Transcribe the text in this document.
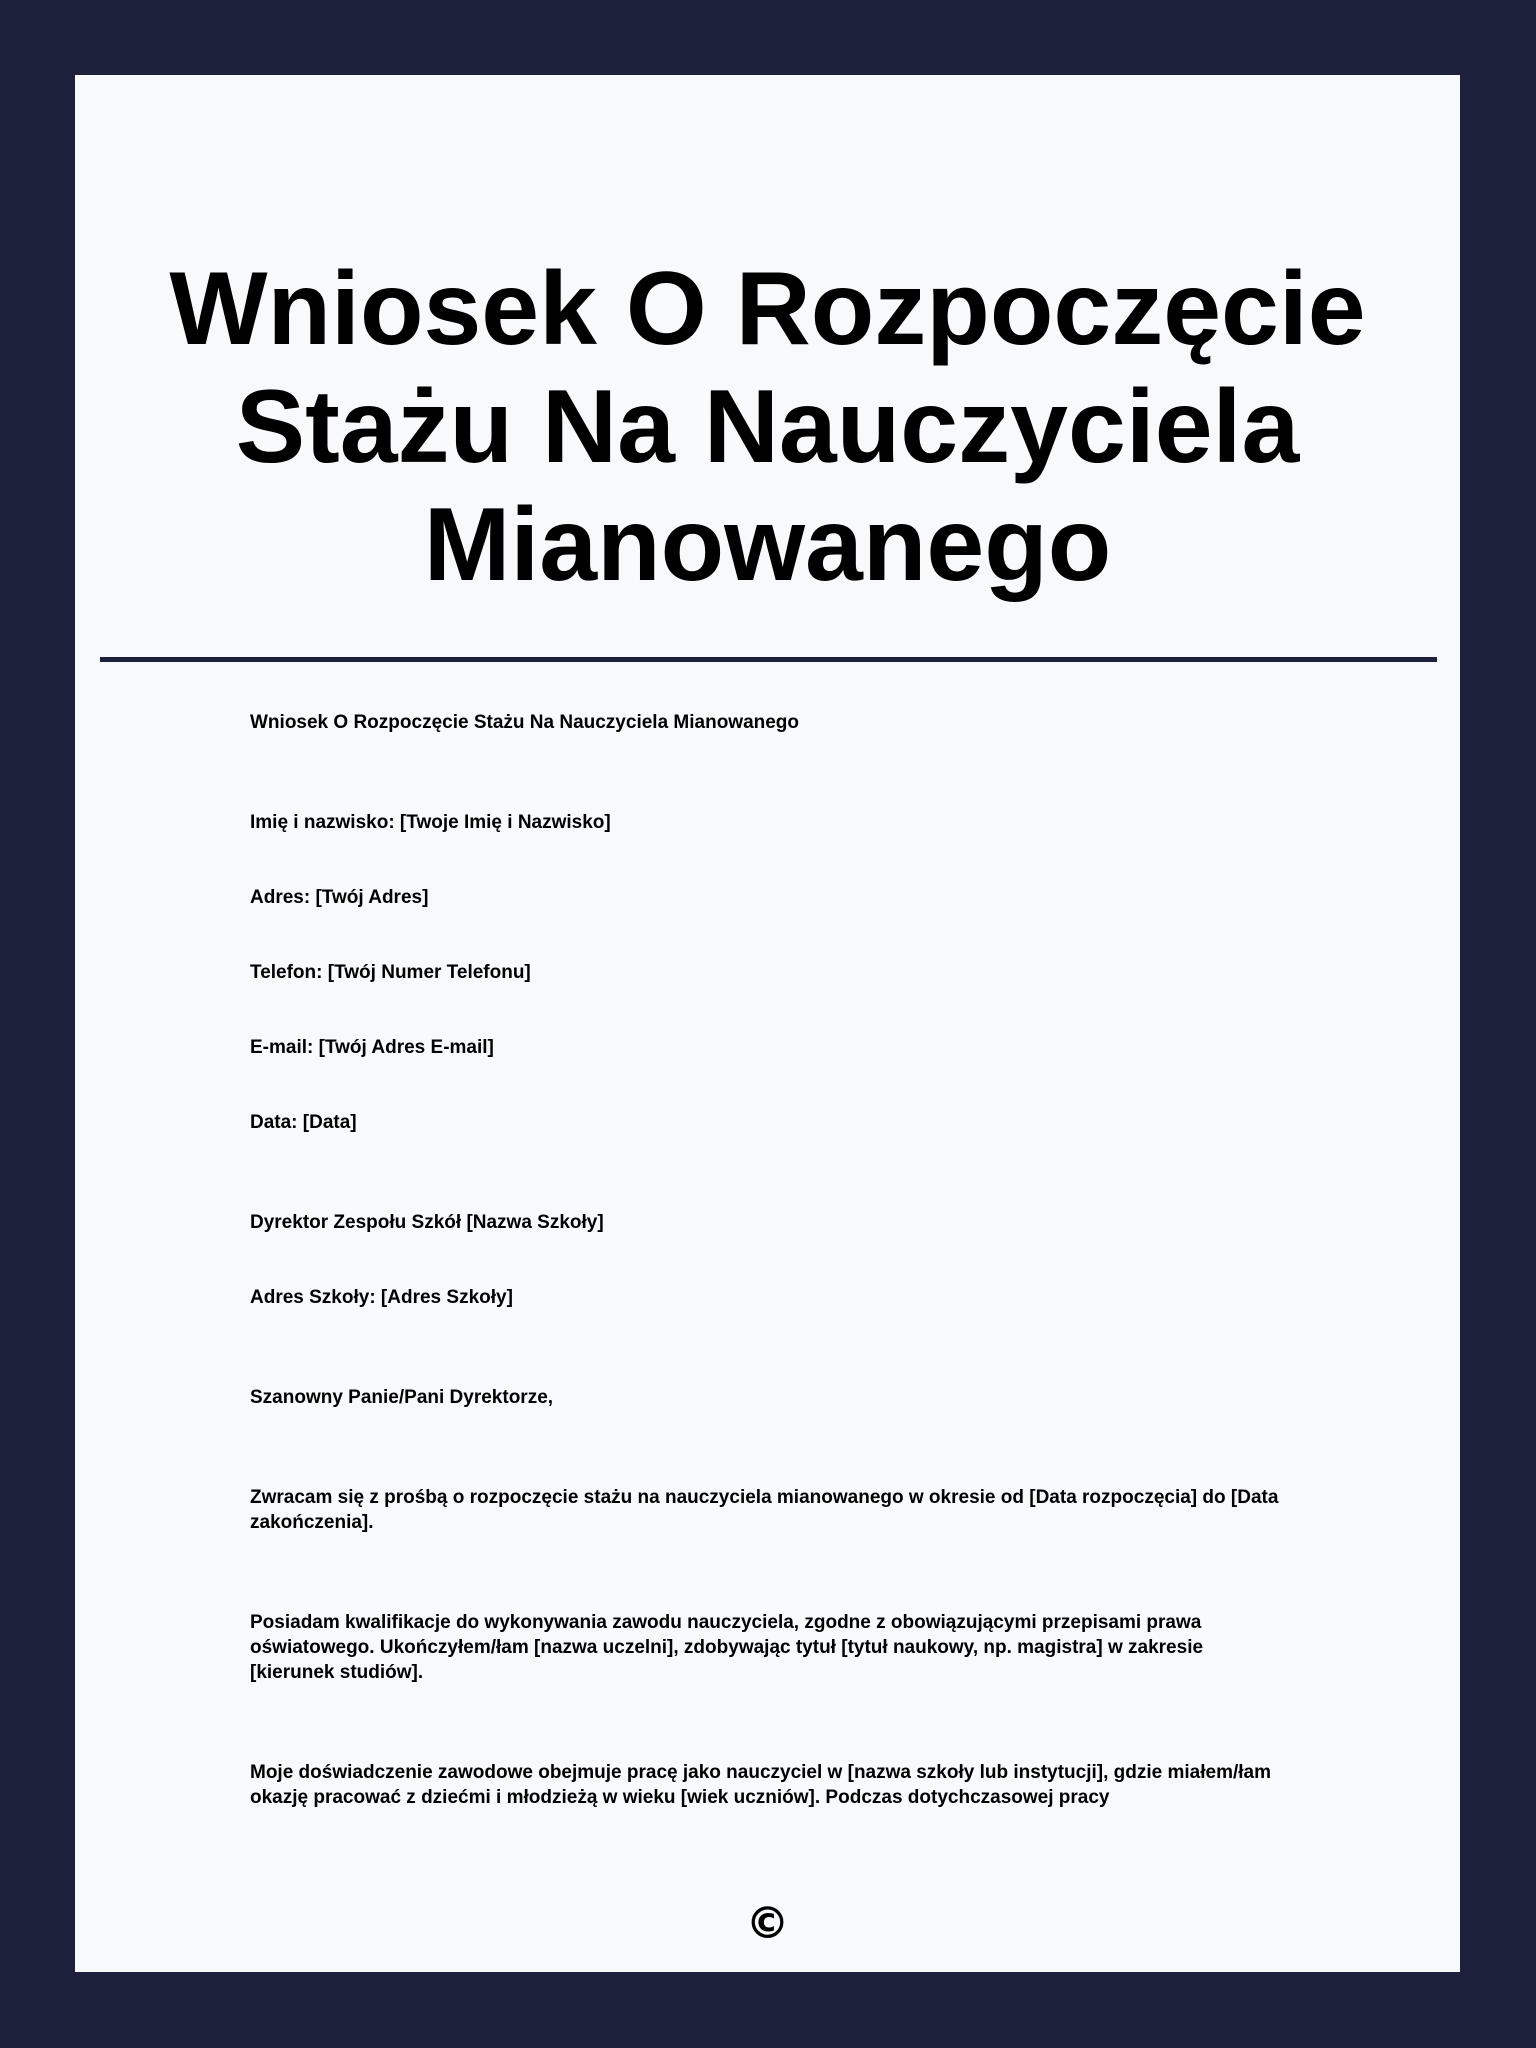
Wniosek O Rozpoczęcie Stażu Na Nauczyciela Mianowanego

Wniosek O Rozpoczęcie Stażu Na Nauczyciela Mianowanego

Imię i nazwisko: [Twoje Imię i Nazwisko]

Adres: [Twój Adres]

Telefon: [Twój Numer Telefonu]

E-mail: [Twój Adres E-mail]

Data: [Data]

Dyrektor Zespołu Szkół [Nazwa Szkoły]

Adres Szkoły: [Adres Szkoły]

Szanowny Panie/Pani Dyrektorze,

Zwracam się z prośbą o rozpoczęcie stażu na nauczyciela mianowanego w okresie od [Data rozpoczęcia] do [Data zakończenia].

Posiadam kwalifikacje do wykonywania zawodu nauczyciela, zgodne z obowiązującymi przepisami prawa oświatowego. Ukończyłem/łam [nazwa uczelni], zdobywając tytuł [tytuł naukowy, np. magistra] w zakresie [kierunek studiów].

Moje doświadczenie zawodowe obejmuje pracę jako nauczyciel w [nazwa szkoły lub instytucji], gdzie miałem/łam okazję pracować z dziećmi i młodzieżą w wieku [wiek uczniów]. Podczas dotychczasowej pracy

©
